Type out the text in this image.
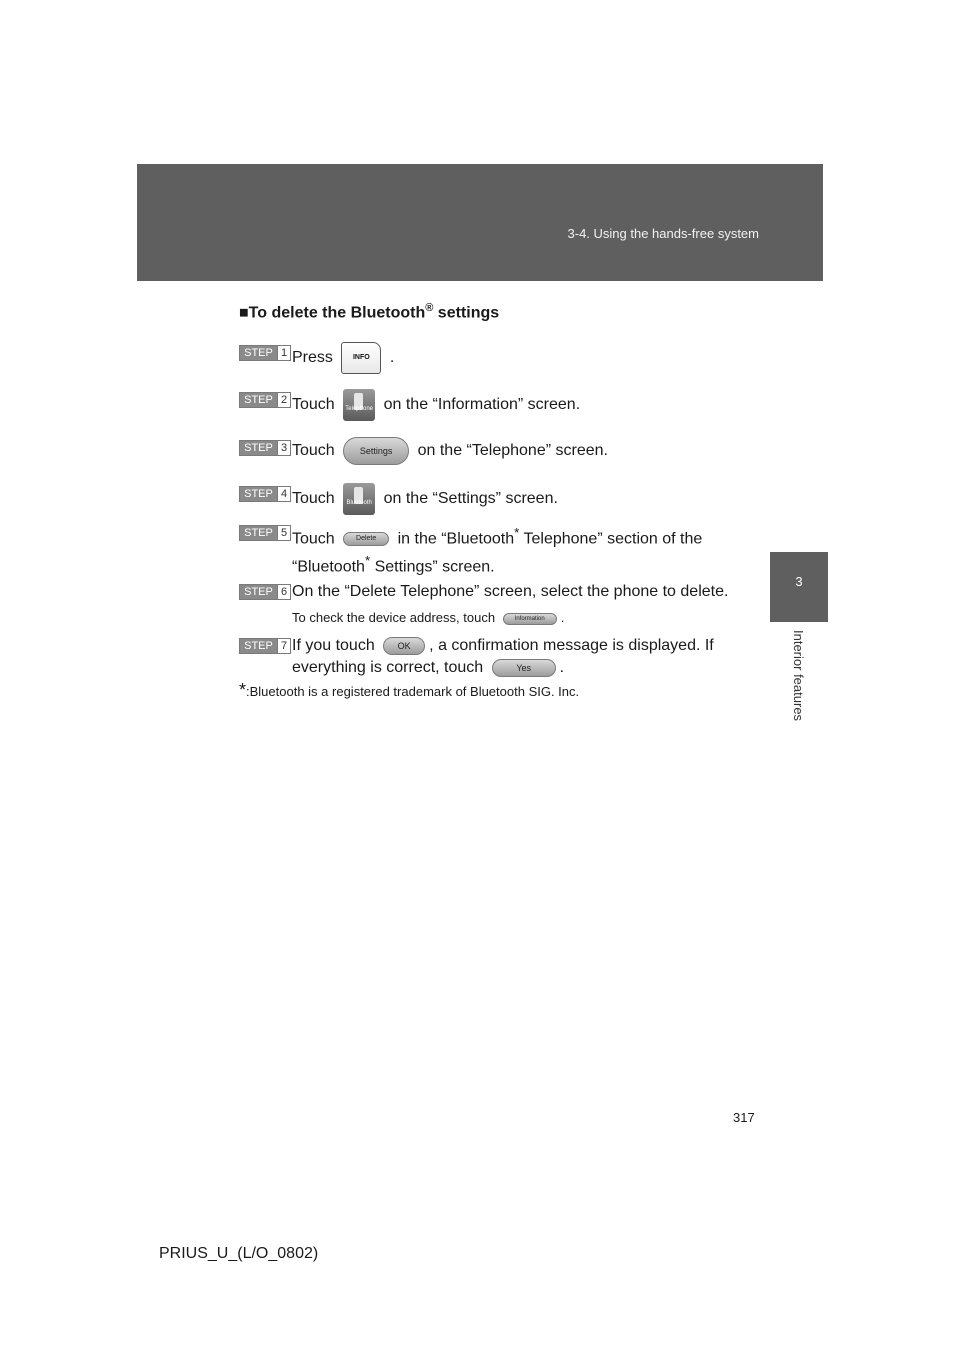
3-4. Using the hands-free system
3
Interior features
■To delete the Bluetooth® settings
STEP 1 Press	INFO .
STEP 2 Touch	Telephone on the “Information” screen.
STEP 3 Touch	Settings on the “Telephone” screen.
STEP 4 Touch	Bluetooth on the “Settings” screen.
STEP 5 Touch	Delete in the “Bluetooth* Telephone” section of the
“Bluetooth* Settings” screen.
STEP 6 On the “Delete Telephone” screen, select the phone to delete.
To check the device address, touch	Information .
STEP 7 If you touch	OK , a confirmation message is displayed. If
everything is correct, touch	Yes .
*:Bluetooth is a registered trademark of Bluetooth SIG. Inc.
317
PRIUS_U_(L/O_0802)
